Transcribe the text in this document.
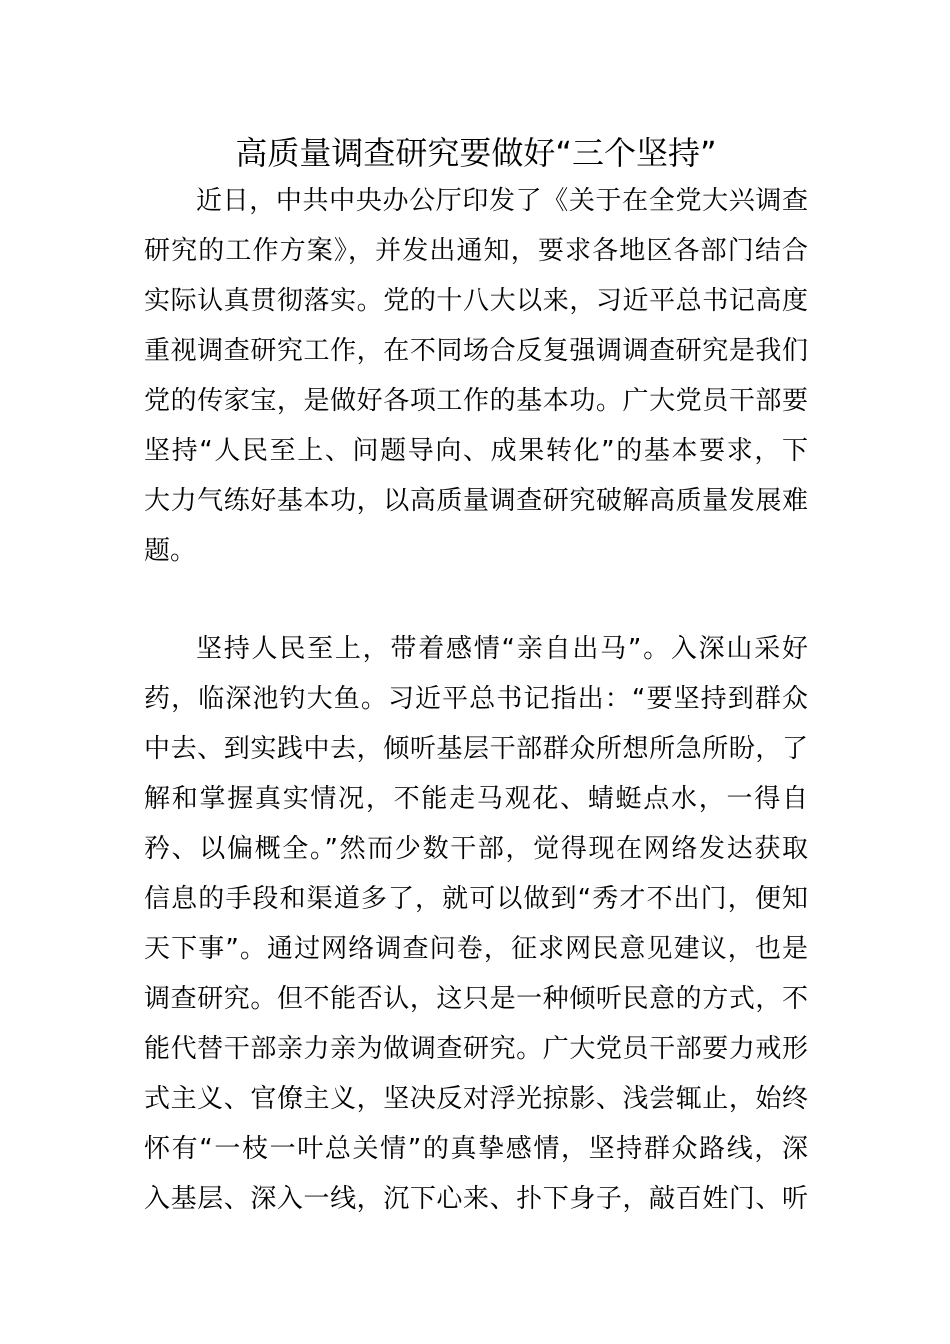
高质量调查研究要做好“三个坚持”
近日，中共中央办公厅印发了《关于在全党大兴调查
研究的工作方案》，并发出通知，要求各地区各部门结合
实际认真贯彻落实。党的十八大以来，习近平总书记高度
重视调查研究工作，在不同场合反复强调调查研究是我们
党的传家宝，是做好各项工作的基本功。广大党员干部要
坚持“人民至上、问题导向、成果转化”的基本要求，下
大力气练好基本功，以高质量调查研究破解高质量发展难
题。
坚持人民至上，带着感情“亲自出马”。入深山采好
药，临深池钓大鱼。习近平总书记指出：“要坚持到群众
中去、到实践中去，倾听基层干部群众所想所急所盼，了
解和掌握真实情况，不能走马观花、蜻蜓点水，一得自
矜、以偏概全。”然而少数干部，觉得现在网络发达获取
信息的手段和渠道多了，就可以做到“秀才不出门，便知
天下事”。通过网络调查问卷，征求网民意见建议，也是
调查研究。但不能否认，这只是一种倾听民意的方式，不
能代替干部亲力亲为做调查研究。广大党员干部要力戒形
式主义、官僚主义，坚决反对浮光掠影、浅尝辄止，始终
怀有“一枝一叶总关情”的真挚感情，坚持群众路线，深
入基层、深入一线，沉下心来、扑下身子，敲百姓门、听
